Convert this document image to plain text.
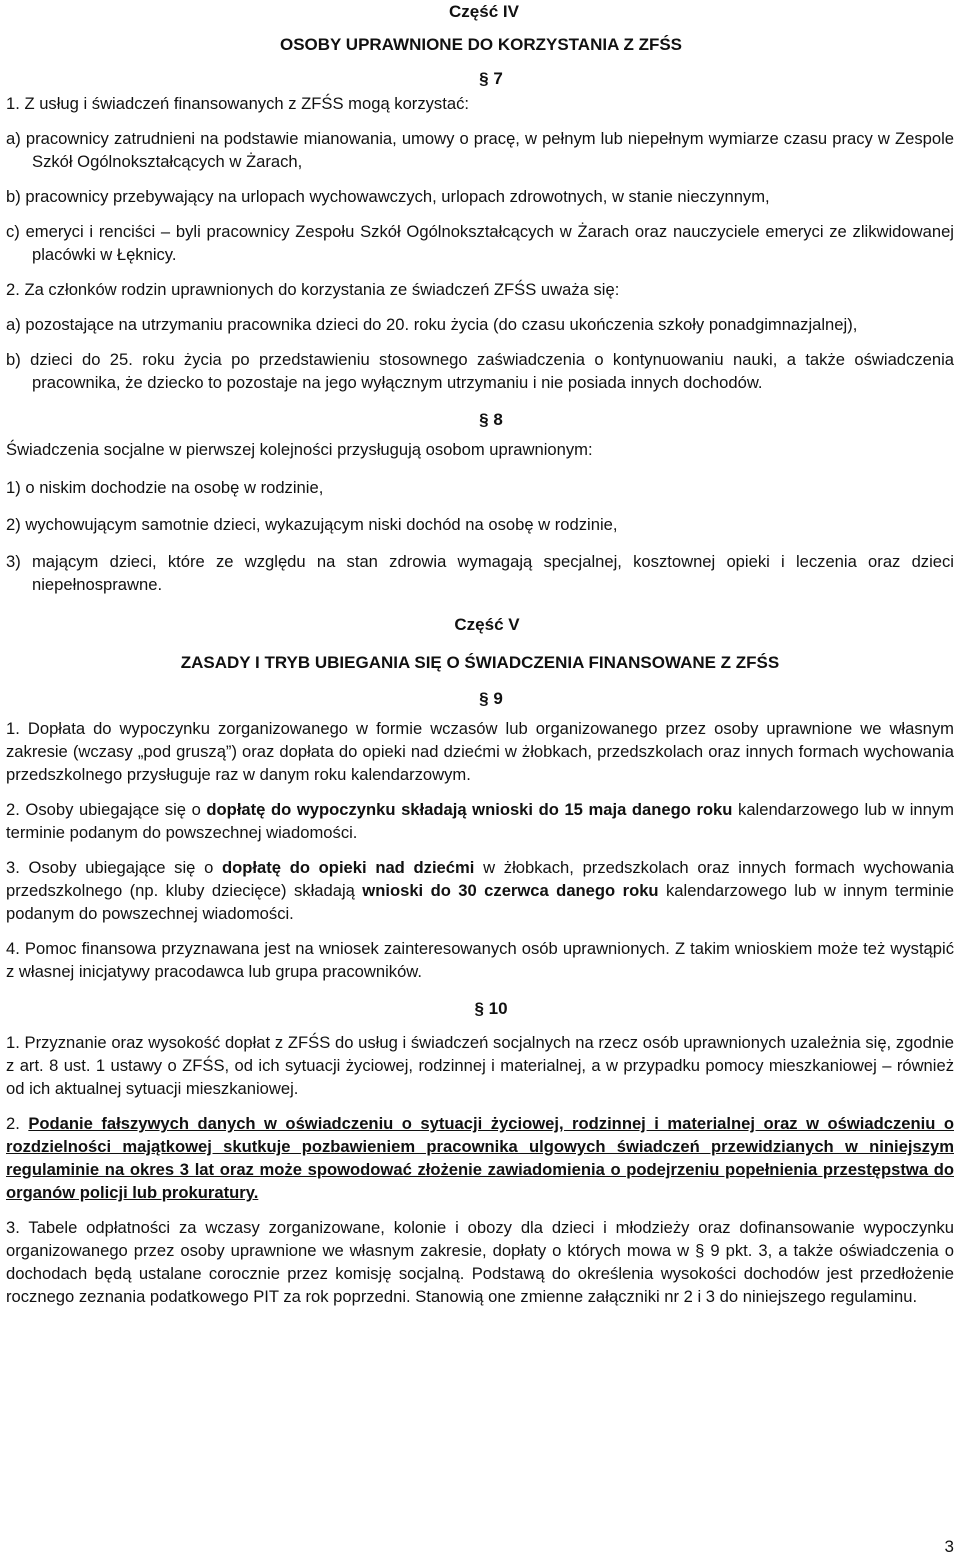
Część IV
OSOBY UPRAWNIONE DO KORZYSTANIA Z ZFŚS
§ 7

1. Z usług i świadczeń finansowanych z ZFŚS mogą korzystać:

a) pracownicy zatrudnieni na podstawie mianowania, umowy o pracę, w pełnym lub niepełnym wymiarze czasu pracy w Zespole Szkół Ogólnokształcących w Żarach,

b) pracownicy przebywający na urlopach wychowawczych, urlopach zdrowotnych, w stanie nieczynnym,

c) emeryci i renciści – byli pracownicy Zespołu Szkół Ogólnokształcących w Żarach oraz nauczyciele emeryci ze zlikwidowanej placówki w Łęknicy.

2. Za członków rodzin uprawnionych do korzystania ze świadczeń ZFŚS uważa się:

a) pozostające na utrzymaniu pracownika dzieci do 20. roku życia (do czasu ukończenia szkoły ponadgimnazjalnej),

b) dzieci do 25. roku życia po przedstawieniu stosownego zaświadczenia o kontynuowaniu nauki, a także oświadczenia pracownika, że dziecko to pozostaje na jego wyłącznym utrzymaniu i nie posiada innych dochodów.

§ 8

Świadczenia socjalne w pierwszej kolejności przysługują osobom uprawnionym:

1) o niskim dochodzie na osobę w rodzinie,

2) wychowującym samotnie dzieci, wykazującym niski dochód na osobę w rodzinie,

3) mającym dzieci, które ze względu na stan zdrowia wymagają specjalnej, kosztownej opieki i leczenia oraz dzieci niepełnosprawne.

Część V
ZASADY I TRYB UBIEGANIA SIĘ O ŚWIADCZENIA FINANSOWANE Z ZFŚS
§ 9

1. Dopłata do wypoczynku zorganizowanego w formie wczasów lub organizowanego przez osoby uprawnione we własnym zakresie (wczasy „pod gruszą”) oraz dopłata do opieki nad dziećmi w żłobkach, przedszkolach oraz innych formach wychowania przedszkolnego przysługuje raz w danym roku kalendarzowym.

2. Osoby ubiegające się o dopłatę do wypoczynku składają wnioski do 15 maja danego roku kalendarzowego lub w innym terminie podanym do powszechnej wiadomości.

3. Osoby ubiegające się o dopłatę do opieki nad dziećmi w żłobkach, przedszkolach oraz innych formach wychowania przedszkolnego (np. kluby dziecięce) składają wnioski do 30 czerwca danego roku kalendarzowego lub w innym terminie podanym do powszechnej wiadomości.

4. Pomoc finansowa przyznawana jest na wniosek zainteresowanych osób uprawnionych. Z takim wnioskiem może też wystąpić z własnej inicjatywy pracodawca lub grupa pracowników.

§ 10

1. Przyznanie oraz wysokość dopłat z ZFŚS do usług i świadczeń socjalnych na rzecz osób uprawnionych uzależnia się, zgodnie z art. 8 ust. 1 ustawy o ZFŚS, od ich sytuacji życiowej, rodzinnej i materialnej, a w przypadku pomocy mieszkaniowej – również od ich aktualnej sytuacji mieszkaniowej.

2. Podanie fałszywych danych w oświadczeniu o sytuacji życiowej, rodzinnej i materialnej oraz w oświadczeniu o rozdzielności majątkowej skutkuje pozbawieniem pracownika ulgowych świadczeń przewidzianych w niniejszym regulaminie na okres 3 lat oraz może spowodować złożenie zawiadomienia o podejrzeniu popełnienia przestępstwa do organów policji lub prokuratury.

3. Tabele odpłatności za wczasy zorganizowane, kolonie i obozy dla dzieci i młodzieży oraz dofinansowanie wypoczynku organizowanego przez osoby uprawnione we własnym zakresie, dopłaty o których mowa w § 9 pkt. 3, a także oświadczenia o dochodach będą ustalane corocznie przez komisję socjalną. Podstawą do określenia wysokości dochodów jest przedłożenie rocznego zeznania podatkowego PIT za rok poprzedni. Stanowią one zmienne załączniki nr 2 i 3 do niniejszego regulaminu.

3
